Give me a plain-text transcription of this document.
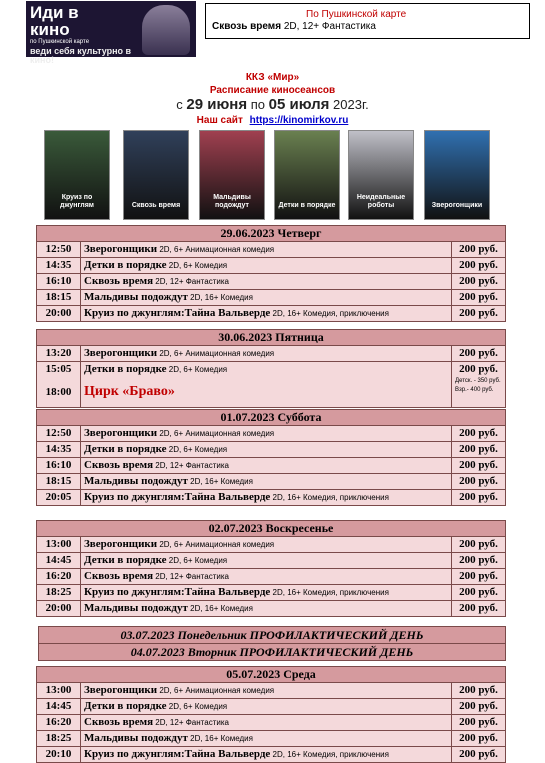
Иди в
кино
по Пушкинской карте
веди себя культурно в кино!
По Пушкинской карте
Сквозь время 2D, 12+ Фантастика
ККЗ «Мир»
Расписание киносеансов
с 29 июня по 05 июля 2023г.
Наш сайт https://kinomirkov.ru
Круиз по джунглям	Сквозь время
Мальдивы подождут	Детки в порядке
Неидеальные роботы	Зверогонщики
29.06.2023 Четверг
12:50	Зверогонщики 2D, 6+ Анимационная комедия	200 руб.
14:35	Детки в порядке 2D, 6+ Комедия	200 руб.
16:10	Сквозь время 2D, 12+ Фантастика	200 руб.
18:15	Мальдивы подождут 2D, 16+ Комедия	200 руб.
20:00	Круиз по джунглям:Тайна Вальверде 2D, 16+ Комедия, приключения	200 руб.
30.06.2023 Пятница
13:20	Зверогонщики 2D, 6+ Анимационная комедия	200 руб.
15:05	Детки в порядке 2D, 6+ Комедия	200 руб.
18:00 Цирк «Браво»
Детск. - 350 руб.
Взр.- 400 руб.
01.07.2023 Суббота
12:50	Зверогонщики 2D, 6+ Анимационная комедия	200 руб.
14:35	Детки в порядке 2D, 6+ Комедия	200 руб.
16:10	Сквозь время 2D, 12+ Фантастика	200 руб.
18:15	Мальдивы подождут 2D, 16+ Комедия	200 руб.
20:05	Круиз по джунглям:Тайна Вальверде 2D, 16+ Комедия, приключения	200 руб.
02.07.2023 Воскресенье
13:00	Зверогонщики 2D, 6+ Анимационная комедия	200 руб.
14:45	Детки в порядке 2D, 6+ Комедия	200 руб.
16:20	Сквозь время 2D, 12+ Фантастика	200 руб.
18:25	Круиз по джунглям:Тайна Вальверде 2D, 16+ Комедия, приключения	200 руб.
20:00	Мальдивы подождут 2D, 16+ Комедия	200 руб.
03.07.2023 Понедельник ПРОФИЛАКТИЧЕСКИЙ ДЕНЬ
04.07.2023 Вторник ПРОФИЛАКТИЧЕСКИЙ ДЕНЬ
05.07.2023 Среда
13:00	Зверогонщики 2D, 6+ Анимационная комедия	200 руб.
14:45	Детки в порядке 2D, 6+ Комедия	200 руб.
16:20	Сквозь время 2D, 12+ Фантастика	200 руб.
18:25	Мальдивы подождут 2D, 16+ Комедия	200 руб.
20:10	Круиз по джунглям:Тайна Вальверде 2D, 16+ Комедия, приключения	200 руб.
